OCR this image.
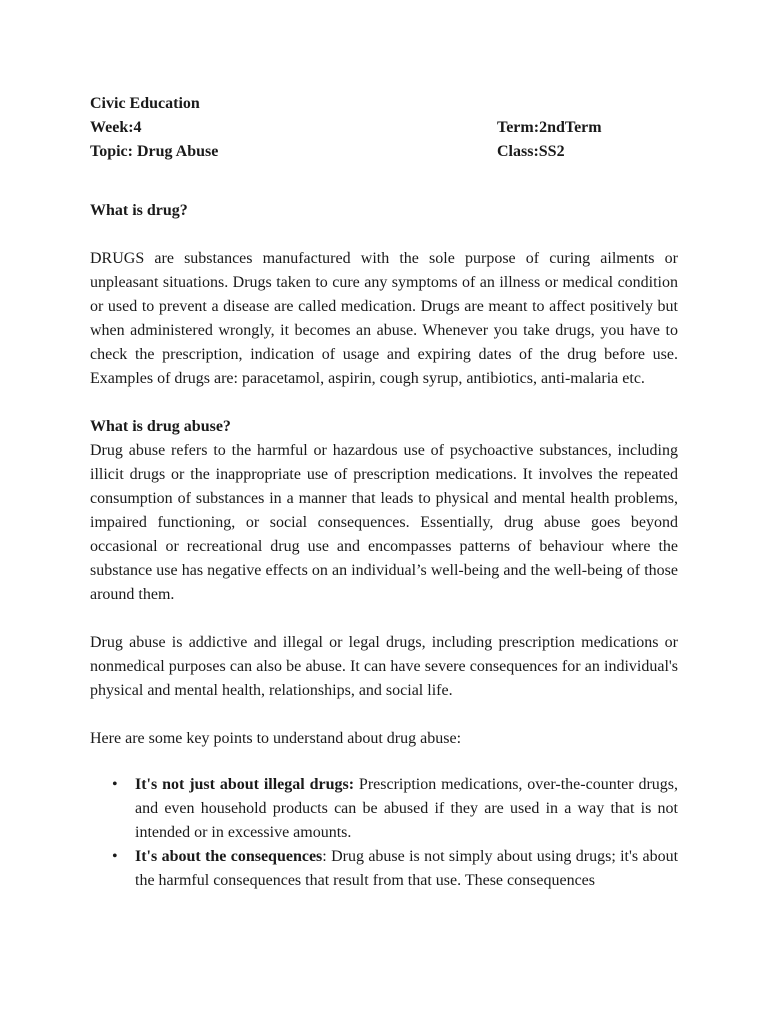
Civic Education
Week:4	Term:2ndTerm
Topic: Drug Abuse	Class:SS2
What is drug?

DRUGS are substances manufactured with the sole purpose of curing ailments or unpleasant situations. Drugs taken to cure any symptoms of an illness or medical condition or used to prevent a disease are called medication. Drugs are meant to affect positively but when administered wrongly, it becomes an abuse. Whenever you take drugs, you have to check the prescription, indication of usage and expiring dates of the drug before use. Examples of drugs are: paracetamol, aspirin, cough syrup, antibiotics, anti-malaria etc.

What is drug abuse?

Drug abuse refers to the harmful or hazardous use of psychoactive substances, including illicit drugs or the inappropriate use of prescription medications. It involves the repeated consumption of substances in a manner that leads to physical and mental health problems, impaired functioning, or social consequences. Essentially, drug abuse goes beyond occasional or recreational drug use and encompasses patterns of behaviour where the substance use has negative effects on an individual’s well-being and the well-being of those around them.

Drug abuse is addictive and illegal or legal drugs, including prescription medications or nonmedical purposes can also be abuse. It can have severe consequences for an individual's physical and mental health, relationships, and social life.

Here are some key points to understand about drug abuse:

• It's not just about illegal drugs: Prescription medications, over-the-counter drugs, and even household products can be abused if they are used in a way that is not intended or in excessive amounts.
• It's about the consequences: Drug abuse is not simply about using drugs; it's about the harmful consequences that result from that use. These consequences
